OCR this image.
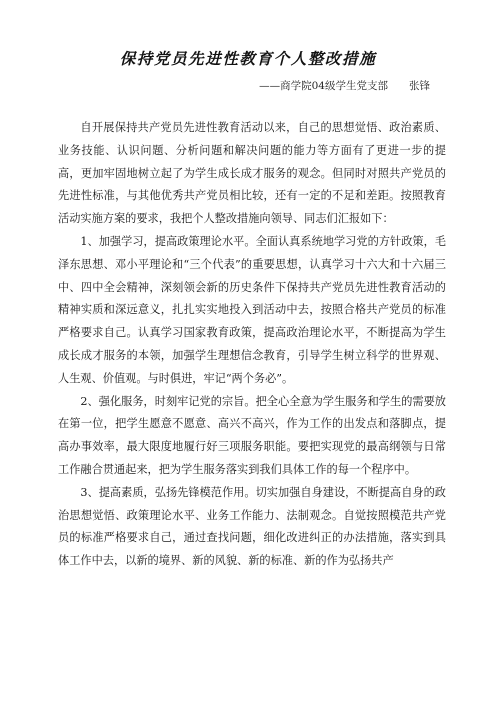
保持党员先进性教育个人整改措施
——商学院04级学生党支部　　张锋

自开展保持共产党员先进性教育活动以来，自己的思想觉悟、政治素质、业务技能、认识问题、分析问题和解决问题的能力等方面有了更进一步的提高，更加牢固地树立起了为学生成长成才服务的观念。但同时对照共产党员的先进性标准，与其他优秀共产党员相比较，还有一定的不足和差距。按照教育活动实施方案的要求，我把个人整改措施向领导、同志们汇报如下：

1、加强学习，提高政策理论水平。全面认真系统地学习党的方针政策，毛泽东思想、邓小平理论和“三个代表”的重要思想，认真学习十六大和十六届三中、四中全会精神，深刻领会新的历史条件下保持共产党员先进性教育活动的精神实质和深远意义，扎扎实实地投入到活动中去，按照合格共产党员的标准严格要求自己。认真学习国家教育政策，提高政治理论水平，不断提高为学生成长成才服务的本领，加强学生理想信念教育，引导学生树立科学的世界观、人生观、价值观。与时俱进，牢记“两个务必”。

2、强化服务，时刻牢记党的宗旨。把全心全意为学生服务和学生的需要放在第一位，把学生愿意不愿意、高兴不高兴，作为工作的出发点和落脚点，提高办事效率，最大限度地履行好三项服务职能。要把实现党的最高纲领与日常工作融合贯通起来，把为学生服务落实到我们具体工作的每一个程序中。

3、提高素质，弘扬先锋模范作用。切实加强自身建设，不断提高自身的政治思想觉悟、政策理论水平、业务工作能力、法制观念。自觉按照模范共产党员的标准严格要求自己，通过查找问题，细化改进纠正的办法措施，落实到具体工作中去，以新的境界、新的风貌、新的标准、新的作为弘扬共产
